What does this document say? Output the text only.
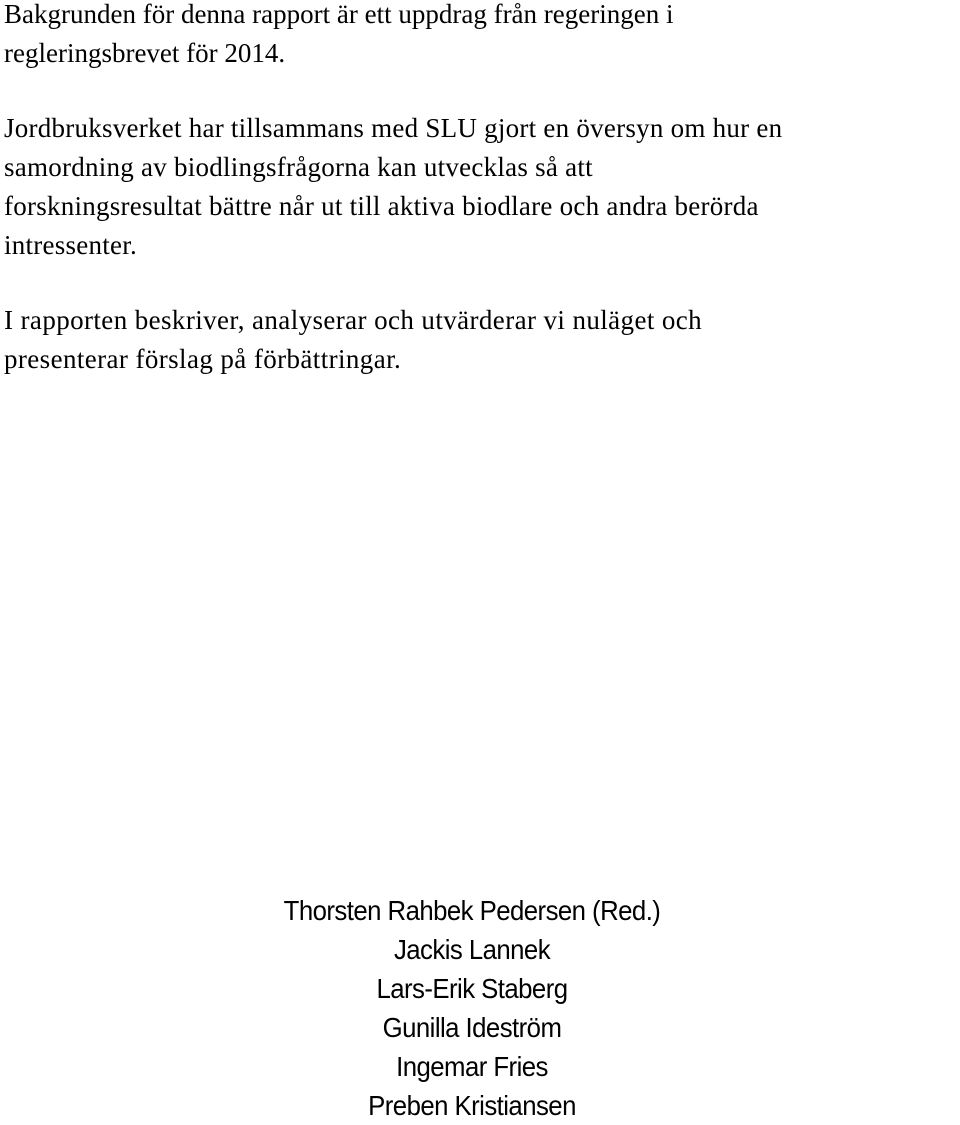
Bakgrunden för denna rapport är ett uppdrag från regeringen i
regleringsbrevet för 2014.

Jordbruksverket har tillsammans med SLU gjort en översyn om hur en
samordning av biodlingsfrågorna kan utvecklas så att
forskningsresultat bättre når ut till aktiva biodlare och andra berörda
intressenter.

I rapporten beskriver, analyserar och utvärderar vi nuläget och
presenterar förslag på förbättringar.

Thorsten Rahbek Pedersen (Red.)
Jackis Lannek
Lars-Erik Staberg
Gunilla Ideström
Ingemar Fries
Preben Kristiansen
